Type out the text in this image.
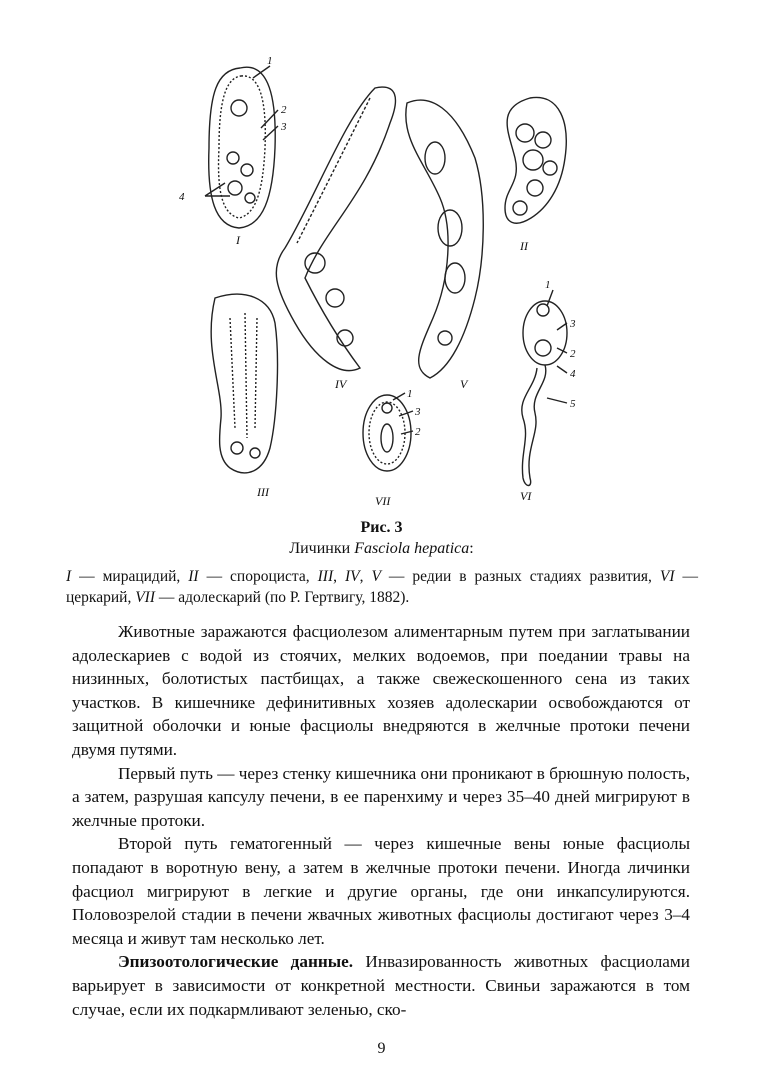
I	II
III
IV	V
VI
VII
1
2
3
4
1
3
2
4
5
1
3
2
Рис. 3
Личинки Fasciola hepatica:
I — мирацидий, II — спороциста, III, IV, V — редии в разных стадиях развития, VI — церкарий, VII — адолескарий (по Р. Гертвигу, 1882).

Животные заражаются фасциолезом алиментарным путем при заглатывании адолескариев с водой из стоячих, мелких водоемов, при поедании травы на низинных, болотистых пастбищах, а также свежескошенного сена из таких участков. В кишечнике дефинитивных хозяев адолескарии освобождаются от защитной оболочки и юные фасциолы внедряются в желчные протоки печени двумя путями.

Первый путь — через стенку кишечника они проникают в брюшную полость, а затем, разрушая капсулу печени, в ее паренхиму и через 35–40 дней мигрируют в желчные протоки.

Второй путь гематогенный — через кишечные вены юные фасциолы попадают в воротную вену, а затем в желчные протоки печени. Иногда личинки фасциол мигрируют в легкие и другие органы, где они инкапсулируются. Половозрелой стадии в печени жвачных животных фасциолы достигают через 3–4 месяца и живут там несколько лет.

Эпизоотологические данные. Инвазированность животных фасциолами варьирует в зависимости от конкретной местности. Свиньи заражаются в том случае, если их подкармливают зеленью, ско-

9
